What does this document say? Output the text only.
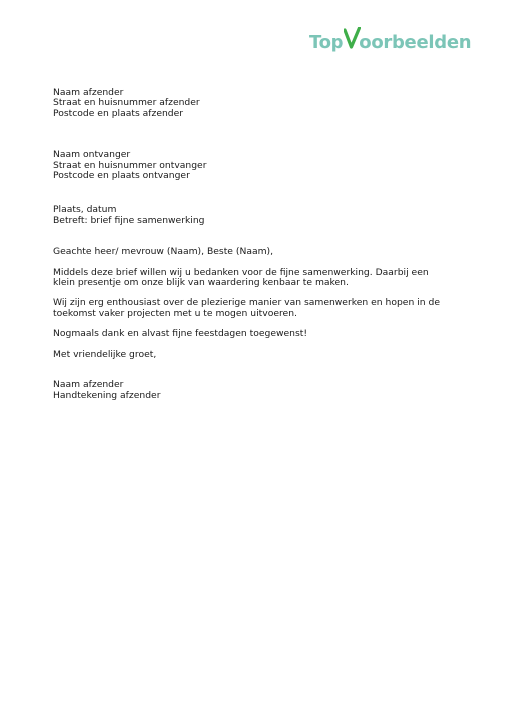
Top oorbeelden
Naam afzender
Straat en huisnummer afzender
Postcode en plaats afzender
Naam ontvanger
Straat en huisnummer ontvanger
Postcode en plaats ontvanger
Plaats, datum
Betreft: brief fijne samenwerking

Geachte heer/ mevrouw (Naam), Beste (Naam),

Middels deze brief willen wij u bedanken voor de fijne samenwerking. Daarbij een klein presentje om onze blijk van waardering kenbaar te maken.

Wij zijn erg enthousiast over de plezierige manier van samenwerken en hopen in de toekomst vaker projecten met u te mogen uitvoeren.

Nogmaals dank en alvast fijne feestdagen toegewenst!

Met vriendelijke groet,

Naam afzender
Handtekening afzender
